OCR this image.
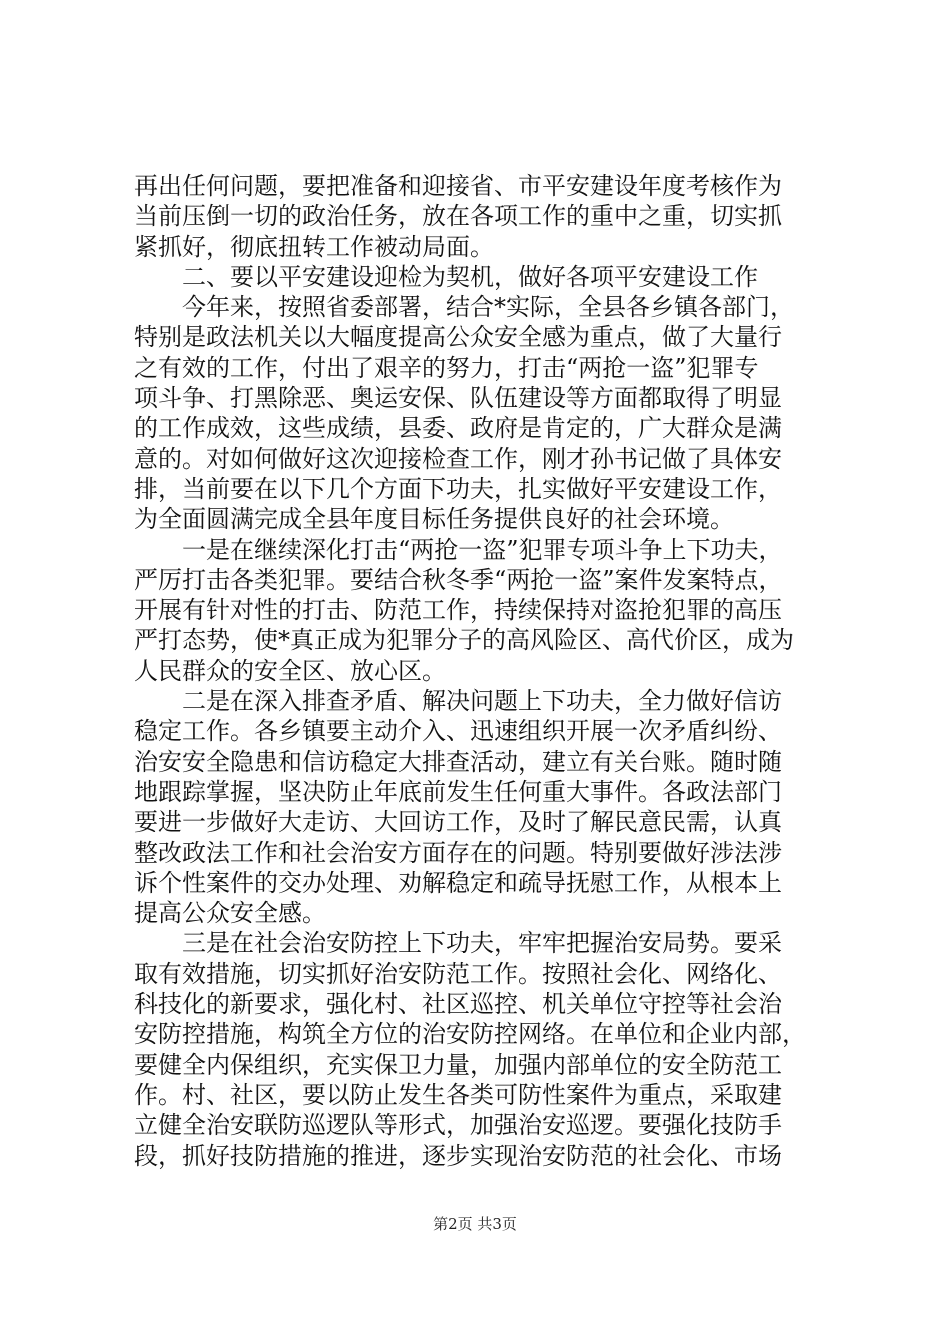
再出任何问题，要把准备和迎接省、市平安建设年度考核作为
当前压倒一切的政治任务，放在各项工作的重中之重，切实抓
紧抓好，彻底扭转工作被动局面。
　　二、要以平安建设迎检为契机，做好各项平安建设工作
　　今年来，按照省委部署，结合*实际，全县各乡镇各部门，
特别是政法机关以大幅度提高公众安全感为重点，做了大量行
之有效的工作，付出了艰辛的努力，打击“两抢一盗”犯罪专
项斗争、打黑除恶、奥运安保、队伍建设等方面都取得了明显
的工作成效，这些成绩，县委、政府是肯定的，广大群众是满
意的。对如何做好这次迎接检查工作，刚才孙书记做了具体安
排，当前要在以下几个方面下功夫，扎实做好平安建设工作，
为全面圆满完成全县年度目标任务提供良好的社会环境。
　　一是在继续深化打击“两抢一盗”犯罪专项斗争上下功夫，
严厉打击各类犯罪。要结合秋冬季“两抢一盗”案件发案特点，
开展有针对性的打击、防范工作，持续保持对盗抢犯罪的高压
严打态势，使*真正成为犯罪分子的高风险区、高代价区，成为
人民群众的安全区、放心区。
　　二是在深入排查矛盾、解决问题上下功夫，全力做好信访
稳定工作。各乡镇要主动介入、迅速组织开展一次矛盾纠纷、
治安安全隐患和信访稳定大排查活动，建立有关台账。随时随
地跟踪掌握，坚决防止年底前发生任何重大事件。各政法部门
要进一步做好大走访、大回访工作，及时了解民意民需，认真
整改政法工作和社会治安方面存在的问题。特别要做好涉法涉
诉个性案件的交办处理、劝解稳定和疏导抚慰工作，从根本上
提高公众安全感。
　　三是在社会治安防控上下功夫，牢牢把握治安局势。要采
取有效措施，切实抓好治安防范工作。按照社会化、网络化、
科技化的新要求，强化村、社区巡控、机关单位守控等社会治
安防控措施，构筑全方位的治安防控网络。在单位和企业内部，
要健全内保组织，充实保卫力量，加强内部单位的安全防范工
作。村、社区，要以防止发生各类可防性案件为重点，采取建
立健全治安联防巡逻队等形式，加强治安巡逻。要强化技防手
段，抓好技防措施的推进，逐步实现治安防范的社会化、市场
第2页 共3页
